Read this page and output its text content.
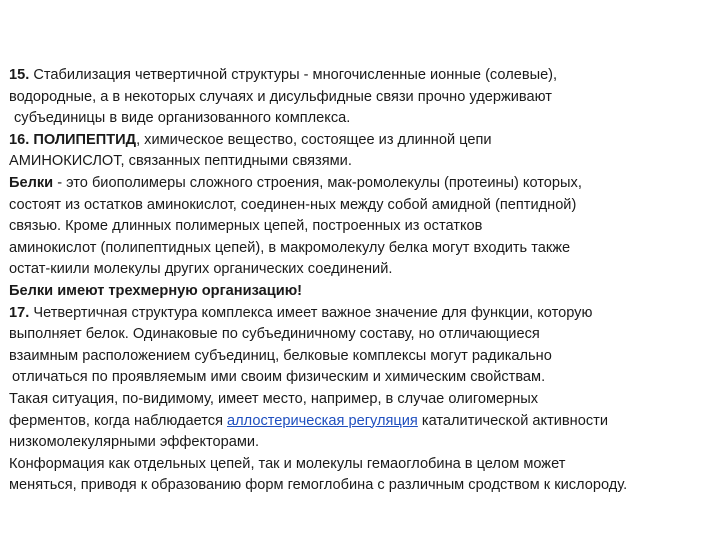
15. Стабилизация четвертичной структуры - многочисленные ионные (солевые),
водородные, а в некоторых случаях и дисульфидные связи прочно удерживают
субъединицы в виде организованного комплекса.
16. ПОЛИПЕПТИД, химическое вещество, состоящее из длинной цепи
АМИНОКИСЛОТ, связанных пептидными связями.
Белки - это биополимеры сложного строения, мак-ромолекулы (протеины) которых,
состоят из остатков аминокислот, соединен-ных между собой амидной (пептидной)
связью. Кроме длинных полимерных цепей, построенных из остатков
аминокислот (полипептидных цепей), в макромолекулу белка могут входить также
остат-киили молекулы других органических соединений.
Белки имеют трехмерную организацию!
17. Четвертичная структура комплекса имеет важное значение для функции, которую
выполняет белок. Одинаковые по субъединичному составу, но отличающиеся
взаимным расположением субъединиц, белковые комплексы могут радикально
отличаться по проявляемым ими своим физическим и химическим свойствам.
Такая ситуация, по-видимому, имеет место, например, в случае олигомерных
ферментов, когда наблюдается аллостерическая регуляция каталитической активности
низкомолекулярными эффекторами.
Конформация как отдельных цепей, так и молекулы гемаоглобина в целом может
меняться, приводя к образованию форм гемоглобина с различным сродством к кислороду.
